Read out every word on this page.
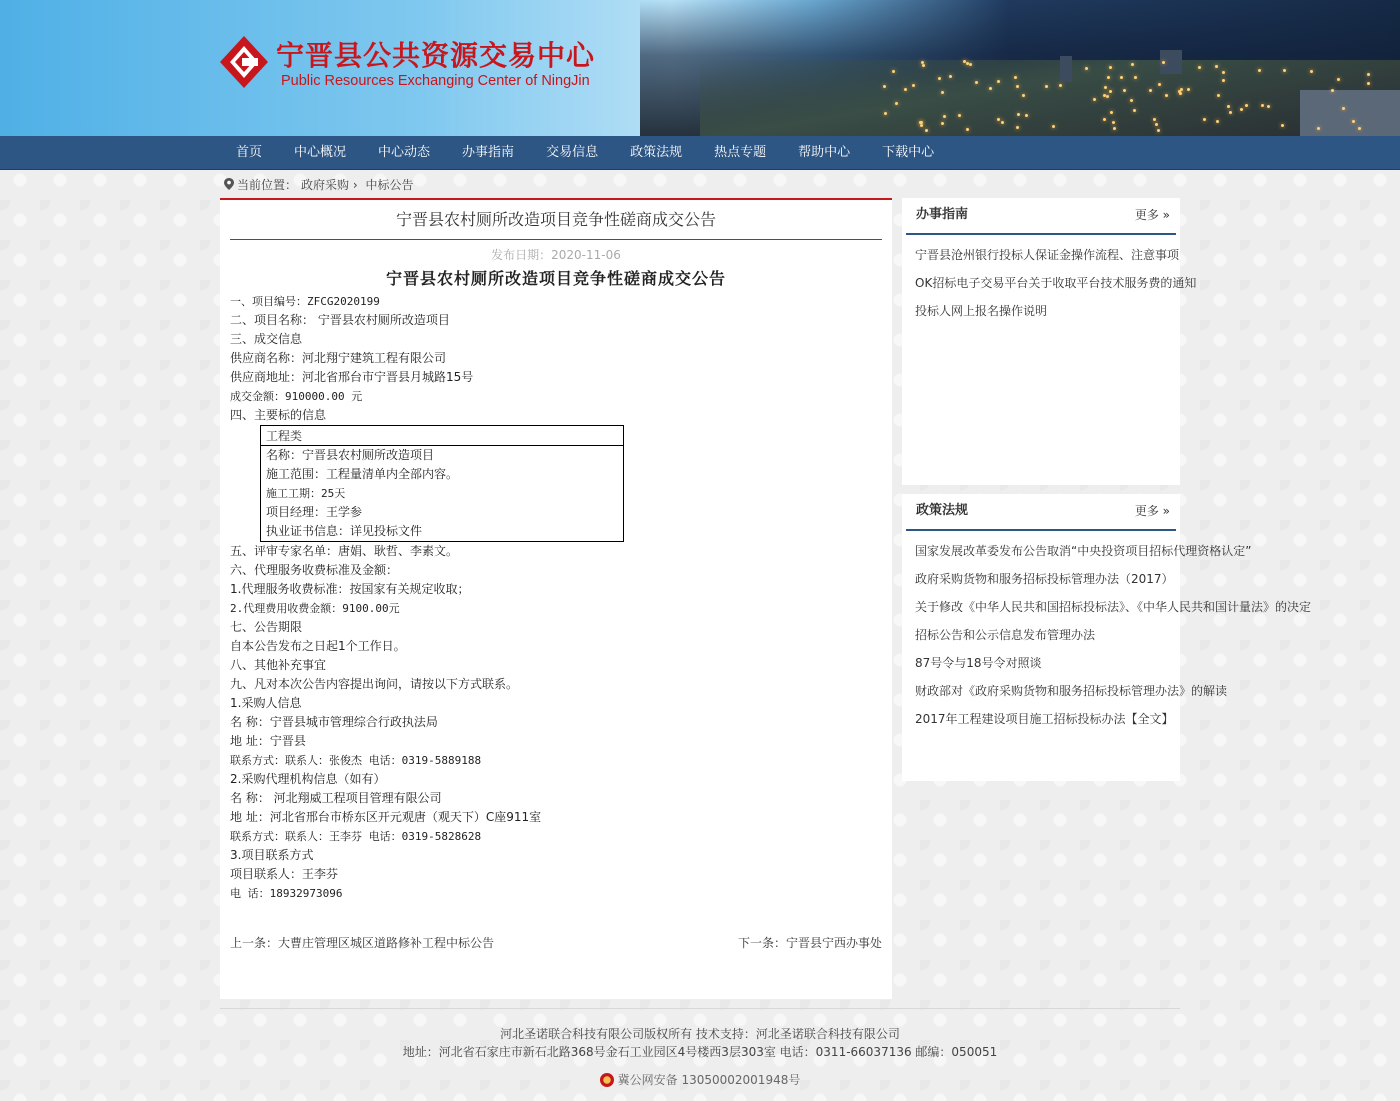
宁晋县公共资源交易中心
Public Resources Exchanging Center of NingJin
首页	中心概况	中心动态	办事指南	交易信息	政策法规	热点专题	帮助中心	下载中心
当前位置： 政府采购 › 中标公告
宁晋县农村厕所改造项目竞争性磋商成交公告
发布日期：2020-11-06
宁晋县农村厕所改造项目竞争性磋商成交公告
一、项目编号：ZFCG2020199
二、项目名称： 宁晋县农村厕所改造项目
三、成交信息
供应商名称：河北翔宁建筑工程有限公司
供应商地址：河北省邢台市宁晋县月城路15号
成交金额：910000.00 元
四、主要标的信息
工程类
名称：宁晋县农村厕所改造项目
施工范围：工程量清单内全部内容。
施工工期：25天
项目经理：王学参
执业证书信息：详见投标文件
五、评审专家名单：唐娟、耿哲、李素文。
六、代理服务收费标准及金额：
1.代理服务收费标准：按国家有关规定收取；
2.代理费用收费金额：9100.00元
七、公告期限
自本公告发布之日起1个工作日。
八、其他补充事宜
九、凡对本次公告内容提出询问，请按以下方式联系。
1.采购人信息
名 称：宁晋县城市管理综合行政执法局
地 址：宁晋县
联系方式：联系人：张俊杰 电话：0319-5889188
2.采购代理机构信息（如有）
名 称： 河北翔威工程项目管理有限公司
地 址：河北省邢台市桥东区开元观唐（观天下）C座911室
联系方式：联系人：王李芬 电话：0319-5828628
3.项目联系方式
项目联系人：王李芬
电 话：18932973096
上一条：大曹庄管理区城区道路修补工程中标公告	下一条：宁晋县宁西办事处
办事指南	更多 »
宁晋县沧州银行投标人保证金操作流程、注意事项
OK招标电子交易平台关于收取平台技术服务费的通知
投标人网上报名操作说明
政策法规	更多 »
国家发展改革委发布公告取消“中央投资项目招标代理资格认定”
政府采购货物和服务招标投标管理办法（2017）
关于修改《中华人民共和国招标投标法》、《中华人民共和国计量法》的决定
招标公告和公示信息发布管理办法
87号令与18号令对照谈
财政部对《政府采购货物和服务招标投标管理办法》的解读
2017年工程建设项目施工招标投标办法【全文】
河北圣诺联合科技有限公司版权所有 技术支持：河北圣诺联合科技有限公司
地址：河北省石家庄市新石北路368号金石工业园区4号楼西3层303室 电话：0311-66037136 邮编：050051
冀公网安备 13050002001948号
